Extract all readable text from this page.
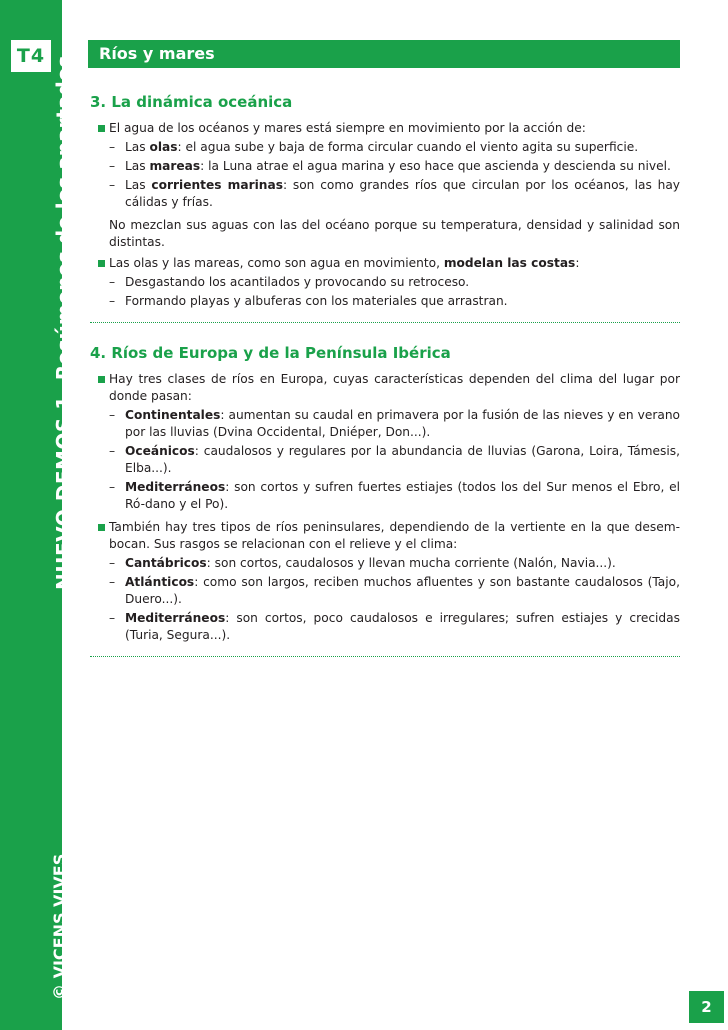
T4
NUEVO DEMOS 1. Resúmenes de los apartados
© VICENS VIVES
Ríos y mares
3. La dinámica oceánica
El agua de los océanos y mares está siempre en movimiento por la acción de:
– Las olas: el agua sube y baja de forma circular cuando el viento agita su superficie.
– Las mareas: la Luna atrae el agua marina y eso hace que ascienda y descienda su nivel.
– Las corrientes marinas: son como grandes ríos que circulan por los océanos, las hay cálidas y frías.
No mezclan sus aguas con las del océano porque su temperatura, densidad y salinidad son distintas.
Las olas y las mareas, como son agua en movimiento, modelan las costas:
– Desgastando los acantilados y provocando su retroceso.
– Formando playas y albuferas con los materiales que arrastran.
4. Ríos de Europa y de la Península Ibérica
Hay tres clases de ríos en Europa, cuyas características dependen del clima del lugar por donde pasan:
– Continentales: aumentan su caudal en primavera por la fusión de las nieves y en verano por las lluvias (Dvina Occidental, Dniéper, Don...).
– Oceánicos: caudalosos y regulares por la abundancia de lluvias (Garona, Loira, Támesis, Elba...).
– Mediterráneos: son cortos y sufren fuertes estiajes (todos los del Sur menos el Ebro, el Ró-dano y el Po).
También hay tres tipos de ríos peninsulares, dependiendo de la vertiente en la que desem-bocan. Sus rasgos se relacionan con el relieve y el clima:
– Cantábricos: son cortos, caudalosos y llevan mucha corriente (Nalón, Navia...).
– Atlánticos: como son largos, reciben muchos afluentes y son bastante caudalosos (Tajo, Duero...).
– Mediterráneos: son cortos, poco caudalosos e irregulares; sufren estiajes y crecidas (Turia, Segura...).
2
